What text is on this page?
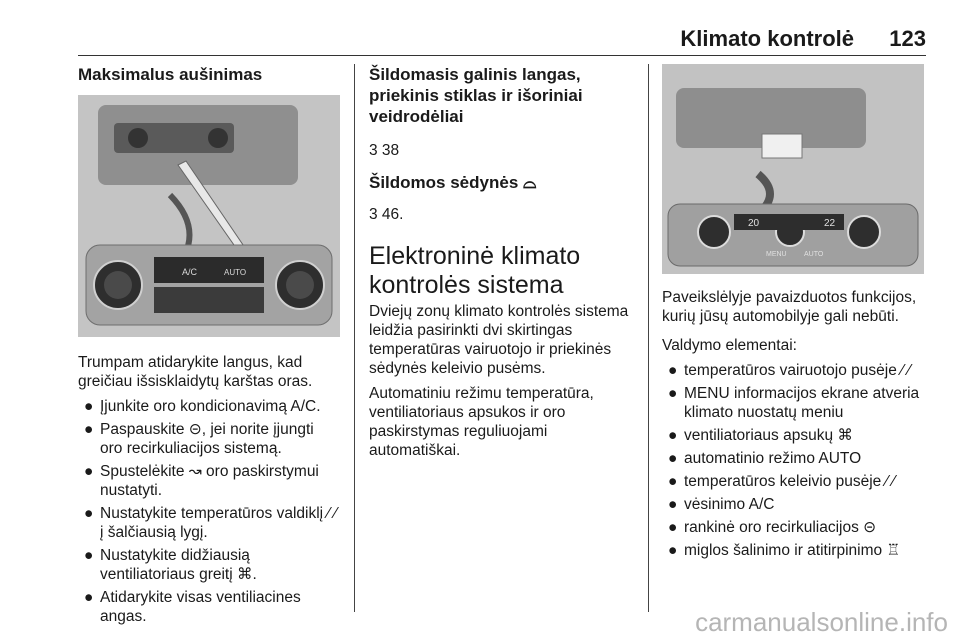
Klimato kontrolė 123
Maksimalus aušinimas
A/C	AUTO

Trumpam atidarykite langus, kad greičiau išsisklaidytų karštas oras.

● Įjunkite oro kondicionavimą A/C.
● Paspauskite ⊝, jei norite įjungti oro recirkuliacijos sistemą.
● Spustelėkite ↝ oro paskirstymui nustatyti.
● Nustatykite temperatūros valdiklį ⁄ ⁄ į šalčiausią lygį.
● Nustatykite didžiausią ventiliatoriaus greitį ⌘.
● Atidarykite visas ventiliacines angas.
Šildomasis galinis langas, priekinis stiklas ir išoriniai veidrodėliai

3 38

Šildomos sėdynės ⌓

3 46.

Elektroninė klimato kontrolės sistema

Dviejų zonų klimato kontrolės sistema leidžia pasirinkti dvi skirtingas temperatūras vairuotojo ir priekinės sėdynės keleivio pusėms.

Automatiniu režimu temperatūra, ventiliatoriaus apsukos ir oro paskirstymas reguliuojami automatiškai.

20	22
MENU AUTO

Paveikslėlyje pavaizduotos funkcijos, kurių jūsų automobilyje gali nebūti.

Valdymo elementai:

● temperatūros vairuotojo pusėje ⁄ ⁄
● MENU informacijos ekrane atveria klimato nuostatų meniu
● ventiliatoriaus apsukų ⌘
● automatinio režimo AUTO
● temperatūros keleivio pusėje ⁄ ⁄
● vėsinimo A/C
● rankinė oro recirkuliacijos ⊝
● miglos šalinimo ir atitirpinimo ♖
carmanualsonline.info
